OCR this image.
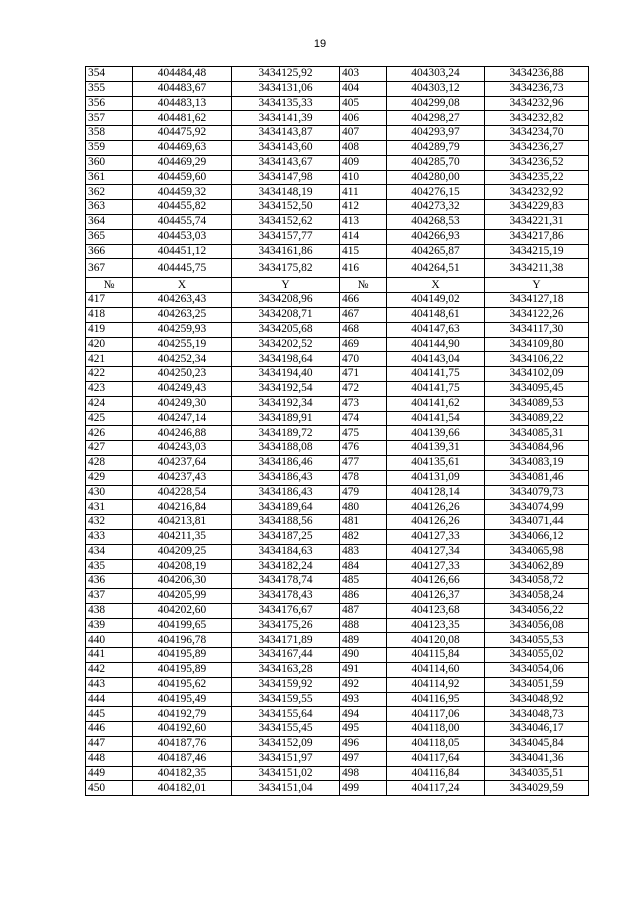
19
354	404484,48	3434125,92	403	404303,24	3434236,88
355	404483,67	3434131,06	404	404303,12	3434236,73
356	404483,13	3434135,33	405	404299,08	3434232,96
357	404481,62	3434141,39	406	404298,27	3434232,82
358	404475,92	3434143,87	407	404293,97	3434234,70
359	404469,63	3434143,60	408	404289,79	3434236,27
360	404469,29	3434143,67	409	404285,70	3434236,52
361	404459,60	3434147,98	410	404280,00	3434235,22
362	404459,32	3434148,19	411	404276,15	3434232,92
363	404455,82	3434152,50	412	404273,32	3434229,83
364	404455,74	3434152,62	413	404268,53	3434221,31
365	404453,03	3434157,77	414	404266,93	3434217,86
366	404451,12	3434161,86	415	404265,87	3434215,19
367	404445,75	3434175,82	416	404264,51	3434211,38
№	X	Y	№	X	Y
417	404263,43	3434208,96	466	404149,02	3434127,18
418	404263,25	3434208,71	467	404148,61	3434122,26
419	404259,93	3434205,68	468	404147,63	3434117,30
420	404255,19	3434202,52	469	404144,90	3434109,80
421	404252,34	3434198,64	470	404143,04	3434106,22
422	404250,23	3434194,40	471	404141,75	3434102,09
423	404249,43	3434192,54	472	404141,75	3434095,45
424	404249,30	3434192,34	473	404141,62	3434089,53
425	404247,14	3434189,91	474	404141,54	3434089,22
426	404246,88	3434189,72	475	404139,66	3434085,31
427	404243,03	3434188,08	476	404139,31	3434084,96
428	404237,64	3434186,46	477	404135,61	3434083,19
429	404237,43	3434186,43	478	404131,09	3434081,46
430	404228,54	3434186,43	479	404128,14	3434079,73
431	404216,84	3434189,64	480	404126,26	3434074,99
432	404213,81	3434188,56	481	404126,26	3434071,44
433	404211,35	3434187,25	482	404127,33	3434066,12
434	404209,25	3434184,63	483	404127,34	3434065,98
435	404208,19	3434182,24	484	404127,33	3434062,89
436	404206,30	3434178,74	485	404126,66	3434058,72
437	404205,99	3434178,43	486	404126,37	3434058,24
438	404202,60	3434176,67	487	404123,68	3434056,22
439	404199,65	3434175,26	488	404123,35	3434056,08
440	404196,78	3434171,89	489	404120,08	3434055,53
441	404195,89	3434167,44	490	404115,84	3434055,02
442	404195,89	3434163,28	491	404114,60	3434054,06
443	404195,62	3434159,92	492	404114,92	3434051,59
444	404195,49	3434159,55	493	404116,95	3434048,92
445	404192,79	3434155,64	494	404117,06	3434048,73
446	404192,60	3434155,45	495	404118,00	3434046,17
447	404187,76	3434152,09	496	404118,05	3434045,84
448	404187,46	3434151,97	497	404117,64	3434041,36
449	404182,35	3434151,02	498	404116,84	3434035,51
450	404182,01	3434151,04	499	404117,24	3434029,59
